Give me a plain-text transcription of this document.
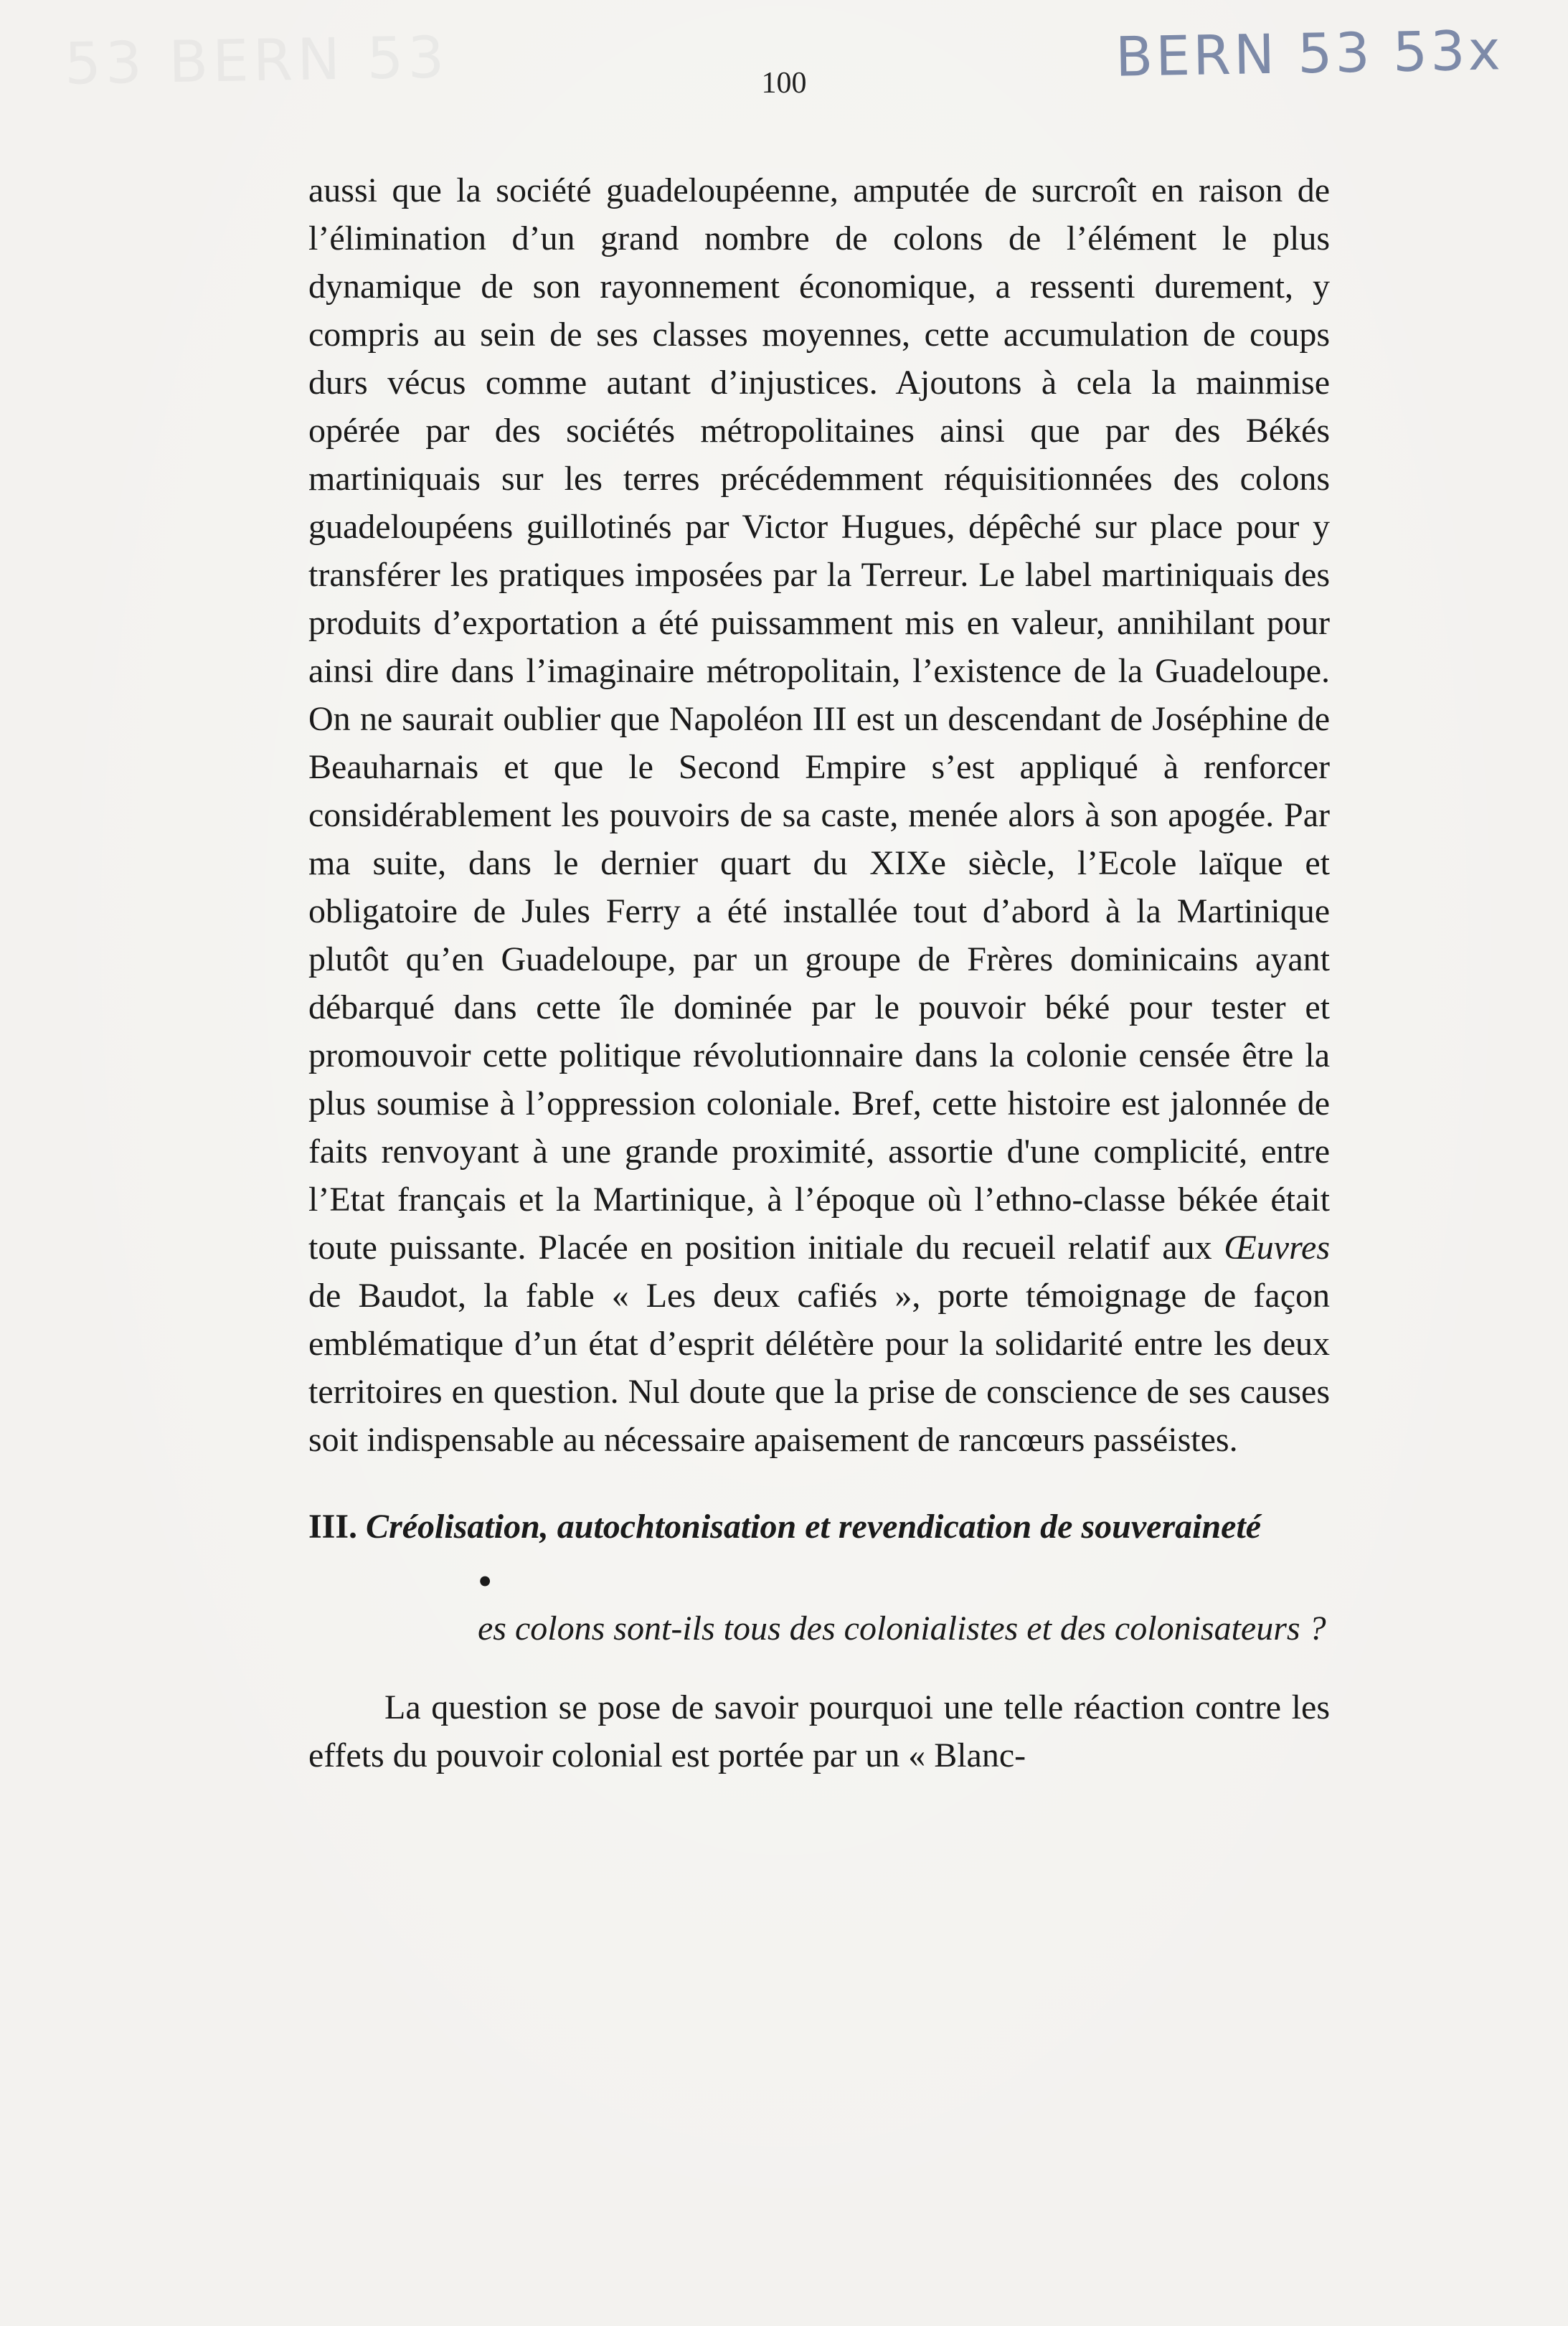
53 BERN 53	BERN 53 53x
100

aussi que la société guadeloupéenne, amputée de surcroît en raison de l’élimination d’un grand nombre de colons de l’élément le plus dynamique de son rayonnement économique, a ressenti durement, y compris au sein de ses classes moyennes, cette accumulation de coups durs vécus comme autant d’injustices. Ajoutons à cela la mainmise opérée par des sociétés métropolitaines ainsi que par des Békés martiniquais sur les terres précédemment réquisitionnées des colons guadeloupéens guillotinés par Victor Hugues, dépêché sur place pour y transférer les pratiques imposées par la Terreur. Le label martiniquais des produits d’exportation a été puissamment mis en valeur, annihilant pour ainsi dire dans l’imaginaire métropolitain, l’existence de la Guadeloupe. On ne saurait oublier que Napoléon III est un descendant de Joséphine de Beauharnais et que le Second Empire s’est appliqué à renforcer considérablement les pouvoirs de sa caste, menée alors à son apogée. Par ma suite, dans le dernier quart du XIXe siècle, l’Ecole laïque et obligatoire de Jules Ferry a été installée tout d’abord à la Martinique plutôt qu’en Guadeloupe, par un groupe de Frères dominicains ayant débarqué dans cette île dominée par le pouvoir béké pour tester et promouvoir cette politique révolutionnaire dans la colonie censée être la plus soumise à l’oppression coloniale. Bref, cette histoire est jalonnée de faits renvoyant à une grande proximité, assortie d'une complicité, entre l’Etat français et la Martinique, à l’époque où l’ethno-classe békée était toute puissante. Placée en position initiale du recueil relatif aux Œuvres de Baudot, la fable « Les deux cafiés », porte témoignage de façon emblématique d’un état d’esprit délétère pour la solidarité entre les deux territoires en question. Nul doute que la prise de conscience de ses causes soit indispensable au nécessaire apaisement de rancœurs passéistes.

III. Créolisation, autochtonisation et revendication de souveraineté

•
es colons sont-ils tous des colonialistes et des colonisateurs ?

La question se pose de savoir pourquoi une telle réaction contre les effets du pouvoir colonial est portée par un « Blanc-
